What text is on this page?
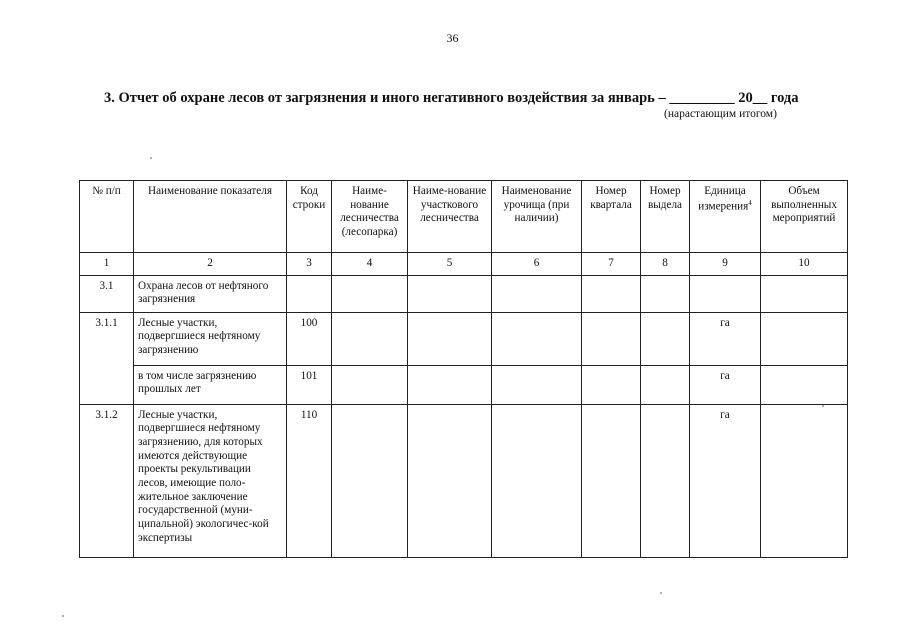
36
3. Отчет об охране лесов от загрязнения и иного негативного воздействия за январь – _________ 20__ года
(нарастающим итогом)
№ п/п	Наименование показателя	Код строки	Наиме-нование лесничества (лесопарка)	Наиме-нование участкового лесничества	Наименование урочища (при наличии)	Номер квартала	Номер выдела	Единица измерения$^4$	Объем выполненных мероприятий
1	2	3	4	5	6	7	8	9	10
3.1	Охрана лесов от нефтяного загрязнения								
3.1.1	Лесные участки, подвергшиеся нефтяному загрязнению	100						га	
	в том числе загрязнению прошлых лет	101						га	
3.1.2	Лесные участки, подвергшиеся нефтяному загрязнению, для которых имеются действующие проекты рекультивации лесов, имеющие поло-жительное заключение государственной (муни-ципальной) экологичес-кой экспертизы	110						га	
